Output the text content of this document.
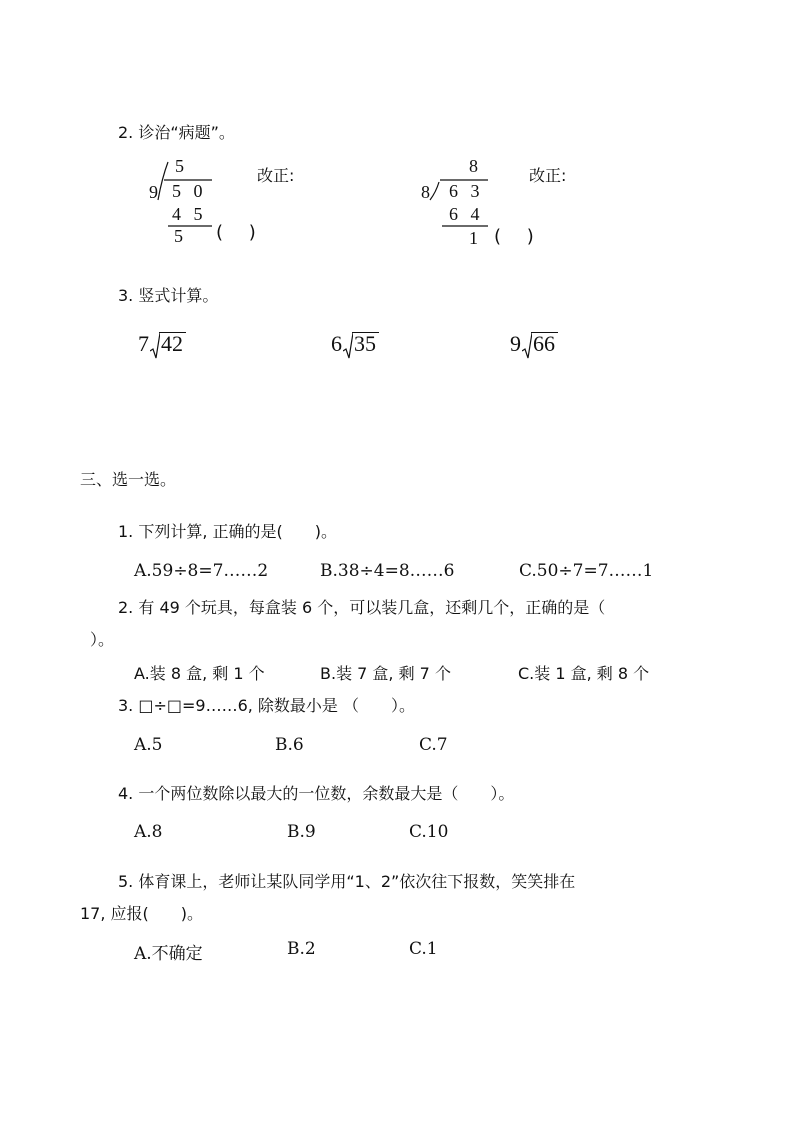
2. 诊治“病题”。
5
9 5 0
4 5
5 ( )
改正:	8
8 6 3
6 4
1 ( )
改正:
3. 竖式计算。
7 42	6 35	9 66
三、选一选。
1. 下列计算, 正确的是(　　)。
A.59÷8=7……2	B.38÷4=8……6	C.50÷7=7……1
2. 有 49 个玩具，每盒装 6 个，可以装几盒，还剩几个，正确的是（
）。
A.装 8 盒, 剩 1 个	B.装 7 盒, 剩 7 个	C.装 1 盒, 剩 8 个
3. □÷□=9……6, 除数最小是 （　　）。
A.5	B.6	C.7
4. 一个两位数除以最大的一位数，余数最大是（　　）。
A.8	B.9	C.10
5. 体育课上，老师让某队同学用“1、2”依次往下报数，笑笑排在
17, 应报(　　)。
A.不确定	B.2	C.1
